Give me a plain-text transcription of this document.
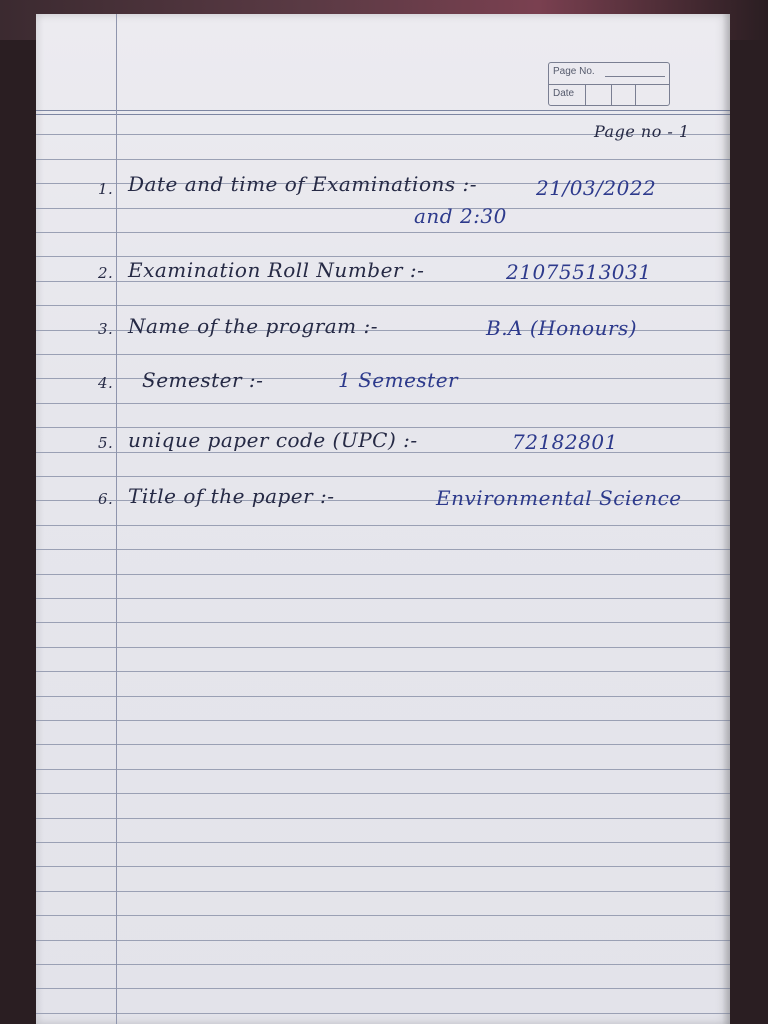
Page No.
Date
Page no - 1
1. Date and time of Examinations :-	21/03/2022
and 2:30
2. Examination Roll Number :-	21075513031
3. Name of the program :-	B.A (Honours)
4. Semester :-	1 Semester
5. unique paper code (UPC) :-	72182801
6. Title of the paper :-	Environmental Science
